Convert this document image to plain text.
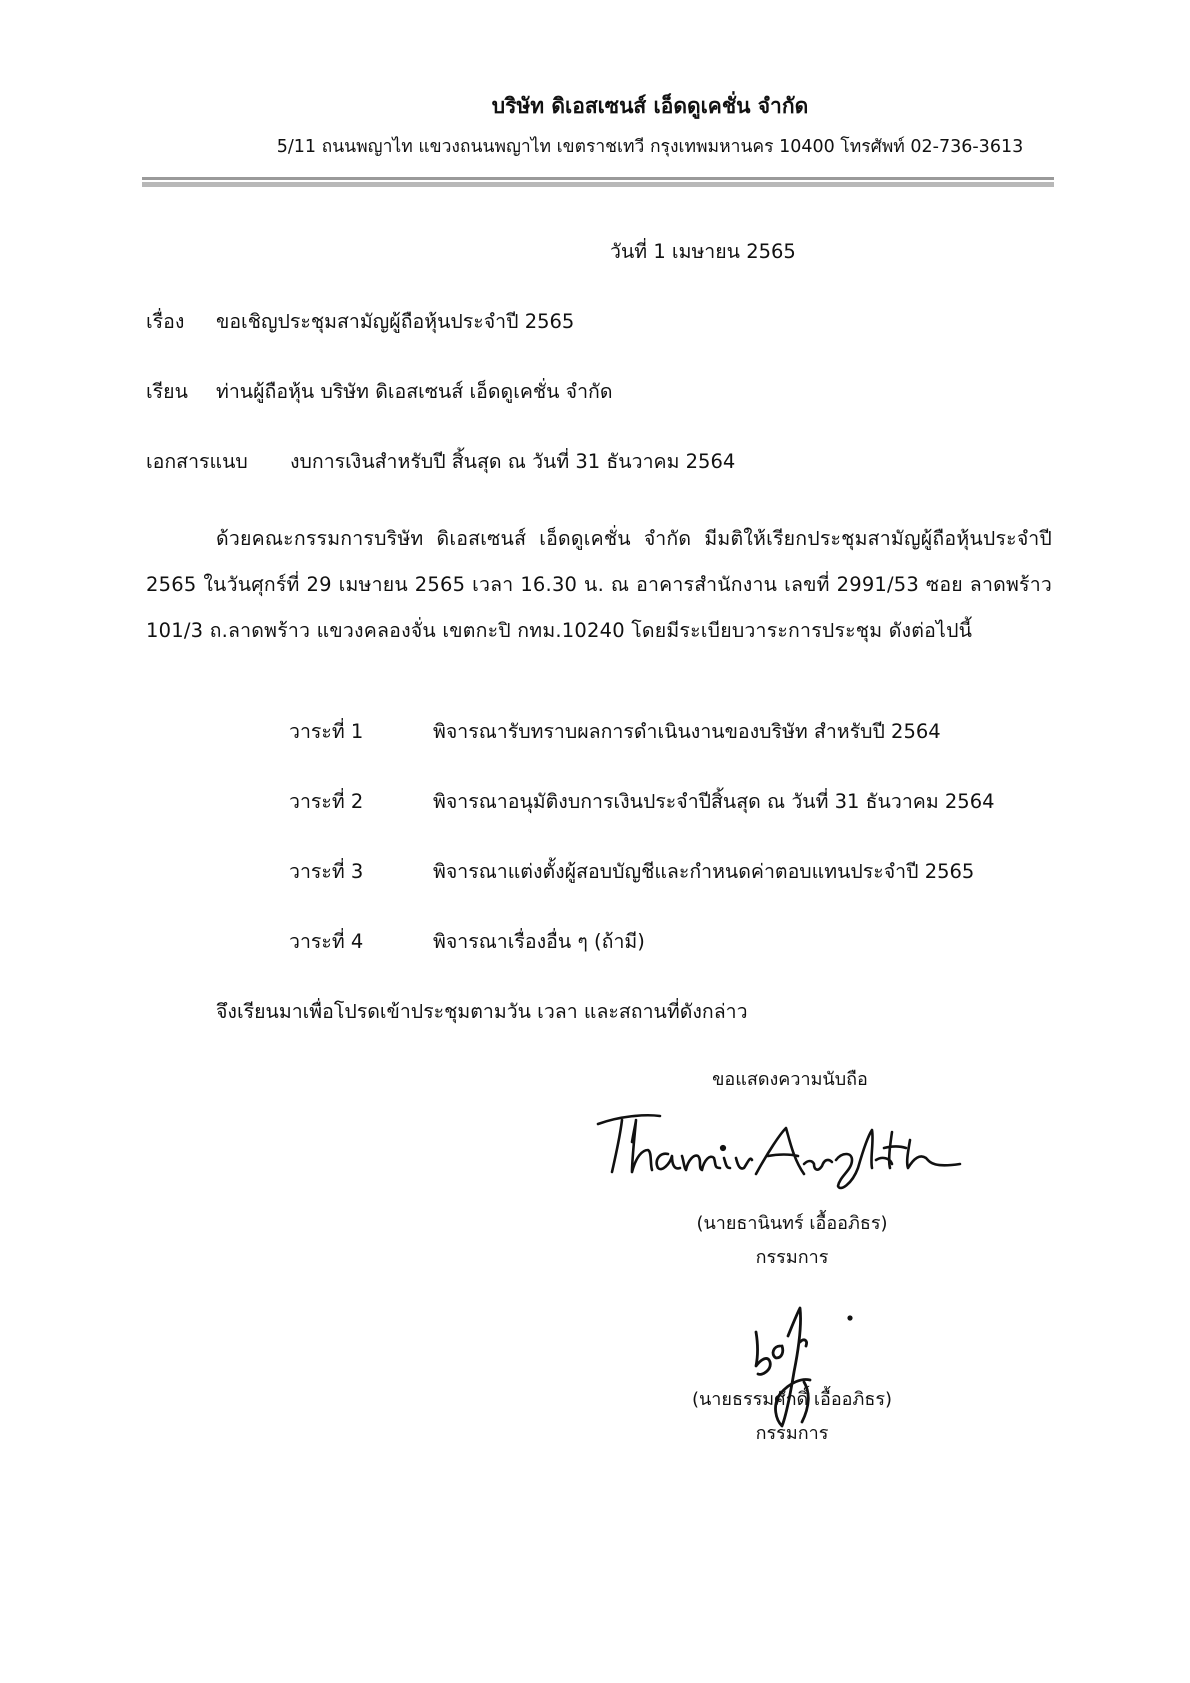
บริษัท ดิเอสเซนส์ เอ็ดดูเคชั่น จำกัด
5/11 ถนนพญาไท แขวงถนนพญาไท เขตราชเทวี กรุงเทพมหานคร 10400 โทรศัพท์ 02-736-3613
วันที่ 1 เมษายน 2565
เรื่อง ขอเชิญประชุมสามัญผู้ถือหุ้นประจำปี 2565
เรียน ท่านผู้ถือหุ้น บริษัท ดิเอสเซนส์ เอ็ดดูเคชั่น จำกัด
เอกสารแนบ งบการเงินสำหรับปี สิ้นสุด ณ วันที่ 31 ธันวาคม 2564
ด้วยคณะกรรมการบริษัท ดิเอสเซนส์ เอ็ดดูเคชั่น จำกัด มีมติให้เรียกประชุมสามัญผู้ถือหุ้นประจำปี 2565 ในวันศุกร์ที่ 29 เมษายน 2565 เวลา 16.30 น. ณ อาคารสำนักงาน เลขที่ 2991/53 ซอย ลาดพร้าว 101/3 ถ.ลาดพร้าว แขวงคลองจั่น เขตกะปิ กทม.10240 โดยมีระเบียบวาระการประชุม ดังต่อไปนี้
วาระที่ 1	พิจารณารับทราบผลการดำเนินงานของบริษัท สำหรับปี 2564
วาระที่ 2	พิจารณาอนุมัติงบการเงินประจำปีสิ้นสุด ณ วันที่ 31 ธันวาคม 2564
วาระที่ 3	พิจารณาแต่งตั้งผู้สอบบัญชีและกำหนดค่าตอบแทนประจำปี 2565
วาระที่ 4	พิจารณาเรื่องอื่น ๆ (ถ้ามี)
จึงเรียนมาเพื่อโปรดเข้าประชุมตามวัน เวลา และสถานที่ดังกล่าว
ขอแสดงความนับถือ
(นายธานินทร์ เอื้ออภิธร)
กรรมการ
(นายธรรมศักดิ์ เอื้ออภิธร)
กรรมการ
